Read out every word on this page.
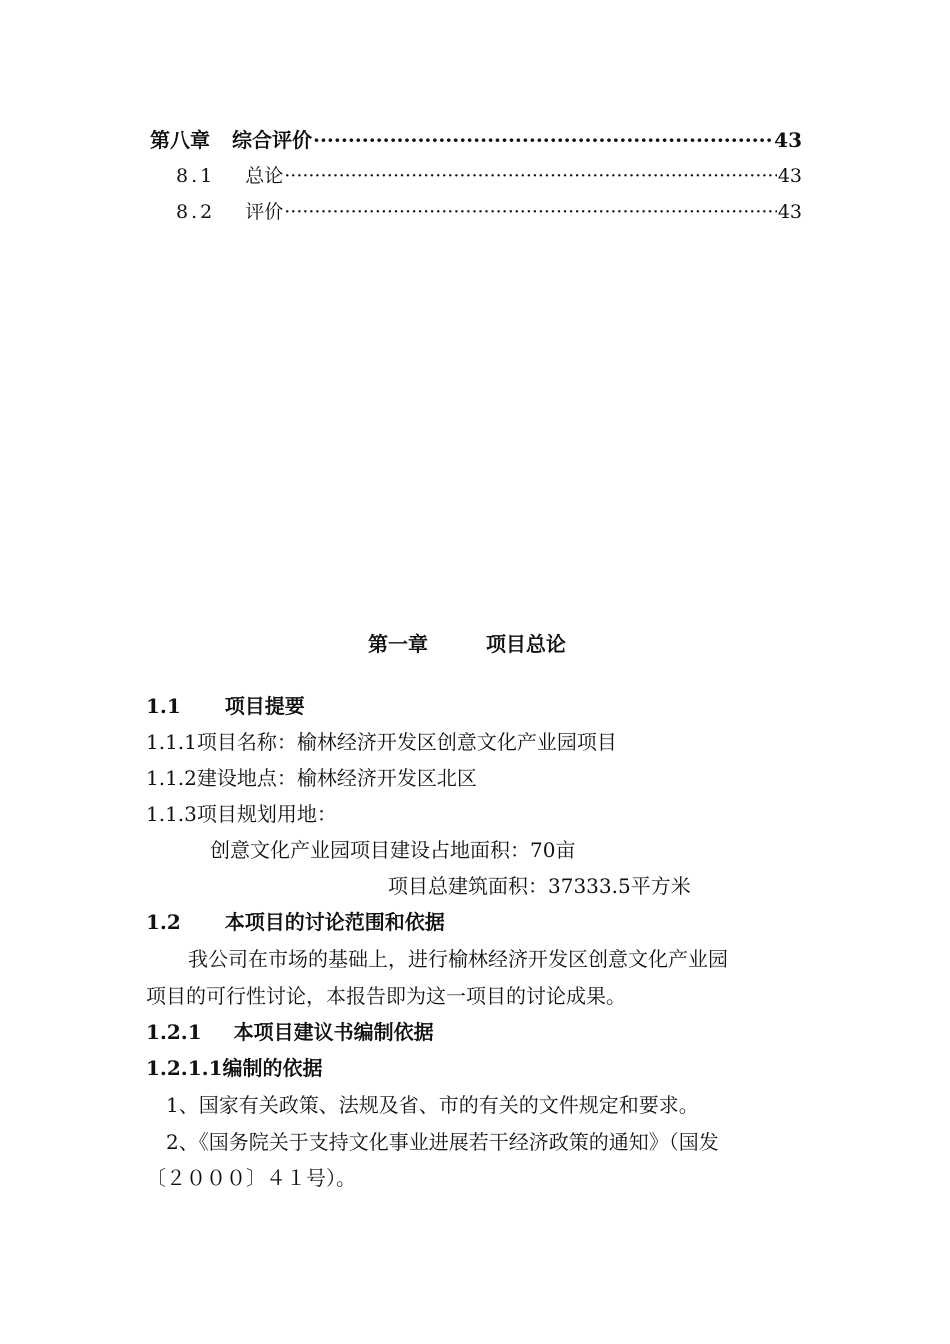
第八章 综合评价 ·····	43
8.1 总论 ·····	43
8.2 评价 ·····	43
第一章	项目总论
1.1 项目提要
1.1.1项目名称：榆林经济开发区创意文化产业园项目
1.1.2建设地点：榆林经济开发区北区
1.1.3项目规划用地：
创意文化产业园项目建设占地面积：70亩
项目总建筑面积：37333.5平方米
1.2 本项目的讨论范围和依据
我公司在市场的基础上，进行榆林经济开发区创意文化产业园
项目的可行性讨论，本报告即为这一项目的讨论成果。
1.2.1 本项目建议书编制依据
1.2.1.1编制的依据
1、国家有关政策、法规及省、市的有关的文件规定和要求。
2、《国务院关于支持文化事业进展若干经济政策的通知》（国发
〔２０００〕４１号）。
